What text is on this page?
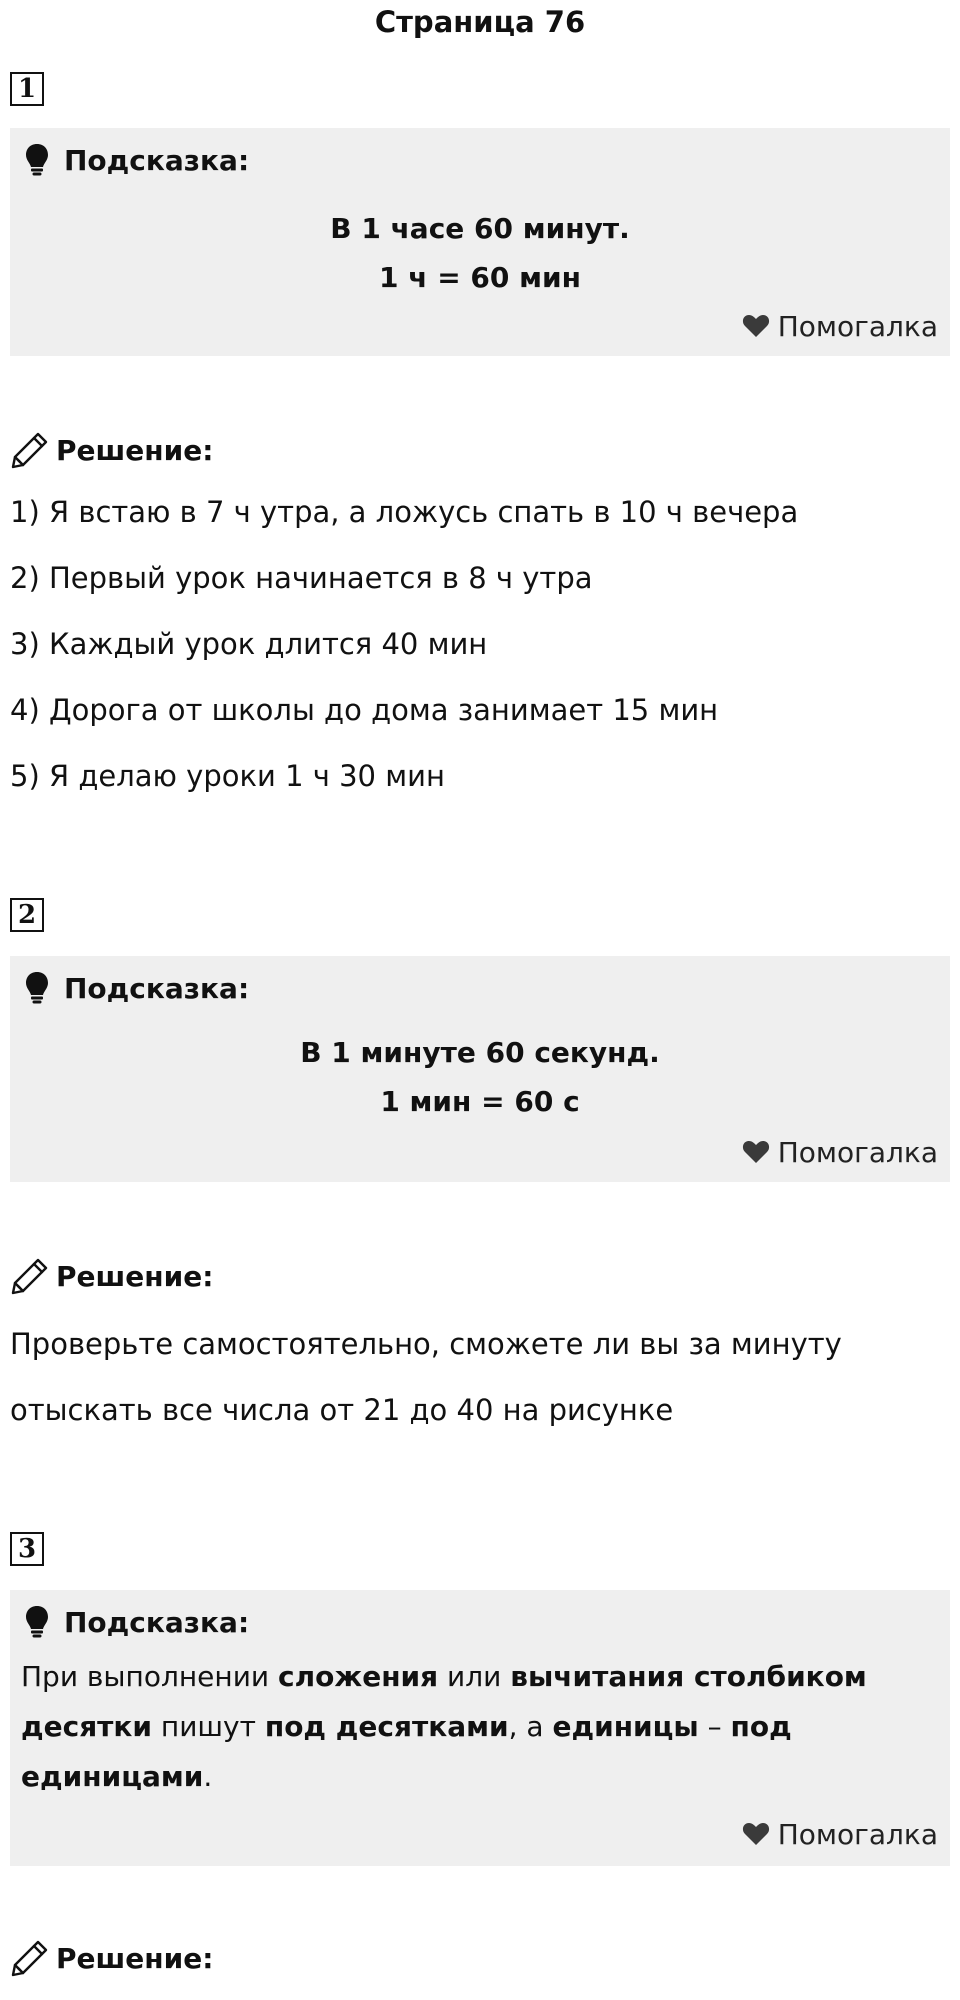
Страница 76
1
Подсказка:
В 1 часе 60 минут.
1 ч = 60 мин
Помогалка
Решение:
1) Я встаю в 7 ч утра, а ложусь спать в 10 ч вечера
2) Первый урок начинается в 8 ч утра
3) Каждый урок длится 40 мин
4) Дорога от школы до дома занимает 15 мин
5) Я делаю уроки 1 ч 30 мин
2
Подсказка:
В 1 минуте 60 секунд.
1 мин = 60 с
Помогалка
Решение:
Проверьте самостоятельно, сможете ли вы за минуту
отыскать все числа от 21 до 40 на рисунке
3
Подсказка:
При выполнении сложения или вычитания столбиком десятки пишут под десятками, а единицы – под единицами.
Помогалка
Решение:
